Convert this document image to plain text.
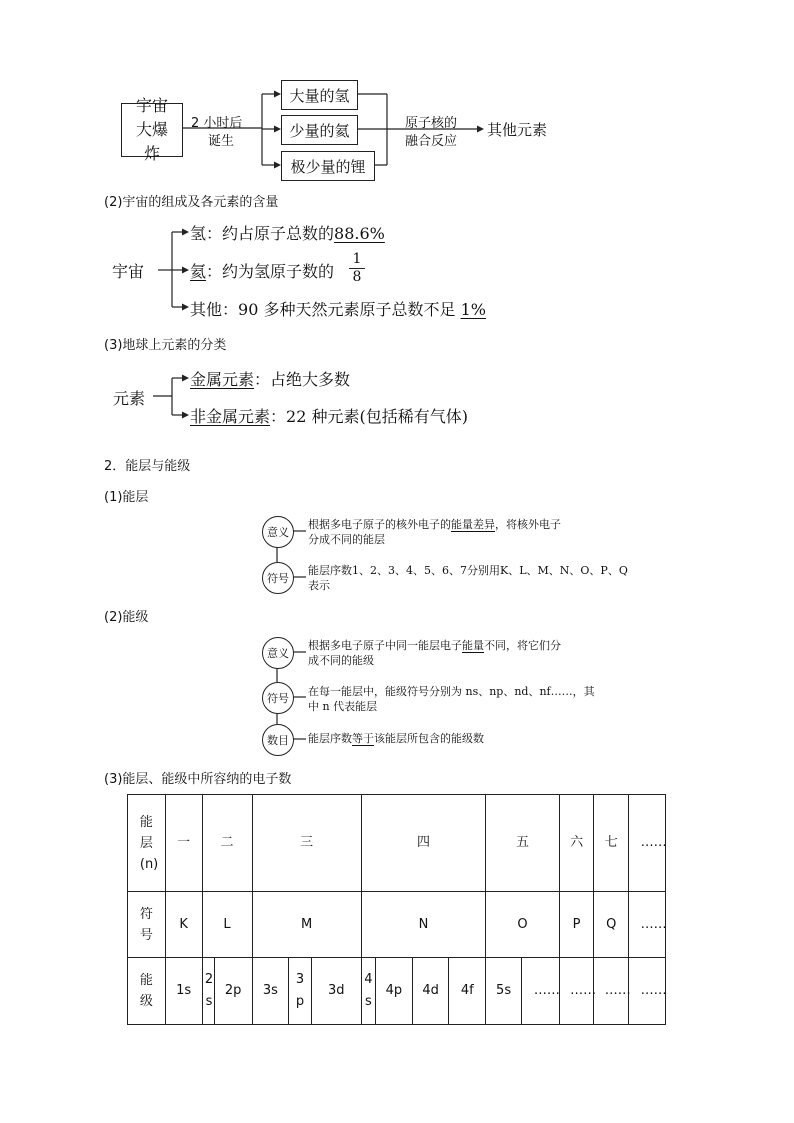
宇宙大爆炸
2 小时后
诞生
大量的氢
少量的氦
极少量的锂
原子核的
融合反应
其他元素
(2)宇宙的组成及各元素的含量
宇宙
氢：约占原子总数的88.6%
氦：约为氢原子数的 $\frac{1}{8}$
其他：90 多种天然元素原子总数不足 1%
(3)地球上元素的分类
元素
金属元素：占绝大多数
非金属元素：22 种元素(包括稀有气体)
2．能层与能级
(1)能层
意义
根据多电子原子的核外电子的能量差异，将核外电子
分成不同的能层
符号
能层序数1、2、3、4、5、6、7分别用K、L、M、N、O、P、Q
表示
(2)能级
意义
根据多电子原子中同一能层电子能量不同，将它们分
成不同的能级
符号
在每一能层中，能级符号分别为 ns、np、nd、nf……，其
中 n 代表能层
数目 能层序数等于该能层所包含的能级数
(3)能层、能级中所容纳的电子数
能层(n)	一	二		三			四				五		六	七	……
符号	K	L		M			N				O		P	Q	……
能级	1s	2s	2p	3s	3p	3d	4s	4p	4d	4f	5s	……	……	……	……
